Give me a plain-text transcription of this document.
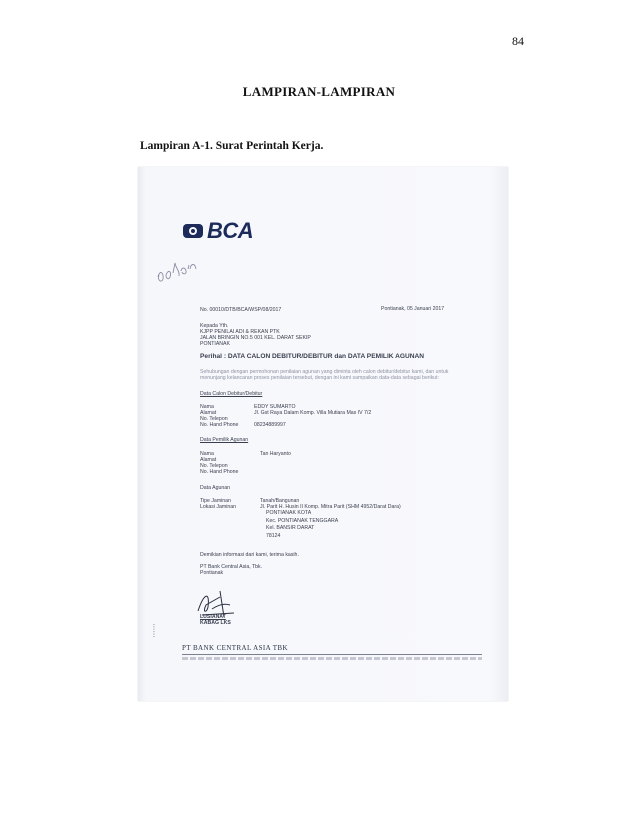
84
LAMPIRAN-LAMPIRAN
Lampiran A-1. Surat Perintah Kerja.
BCA
No. 00010/DTB/BCA/WSP/08/2017	Pontianak, 05 Januari 2017
Kepada Yth.
KJPP PENILAI ADI & REKAN PTK
JALAN BRINGIN NO.5 001 KEL. DARAT SEKIP
PONTIANAK
Perihal : DATA CALON DEBITUR/DEBITUR dan DATA PEMILIK AGUNAN
Sehubungan dengan permohonan penilaian agunan yang diminta oleh calon debitur/debitur kami, dan untuk
menunjang kelancaran proses penilaian tersebut, dengan ini kami sampaikan data-data sebagai berikut:
Data Calon Debitur/Debitur
Nama	EDDY SUMARTO
Alamat	Jl. Gst Raya Dalam Komp. Villa Mutiara Mas IV 7/2
No. Telepon
No. Hand Phone	08234889997
Data Pemilik Agunan
Nama	Tan Haryanto
Alamat
No. Telepon
No. Hand Phone
Data Agunan
Tipe Jaminan	Tanah/Bangunan
Lokasi Jaminan	Jl. Parit H. Husin II Komp. Mitra Parit (SHM 4952/Darat Dara)
PONTIANAK KOTA
Kec. PONTIANAK TENGGARA
Kel. BANSIR DARAT
78124
Demikian informasi dari kami, terima kasih.
PT Bank Central Asia, Tbk.
Pontianak
LUSIANAT
KABAG LKS
▪ ▪ ▪ ▪ ▪ ▪
PT BANK CENTRAL ASIA TBK
